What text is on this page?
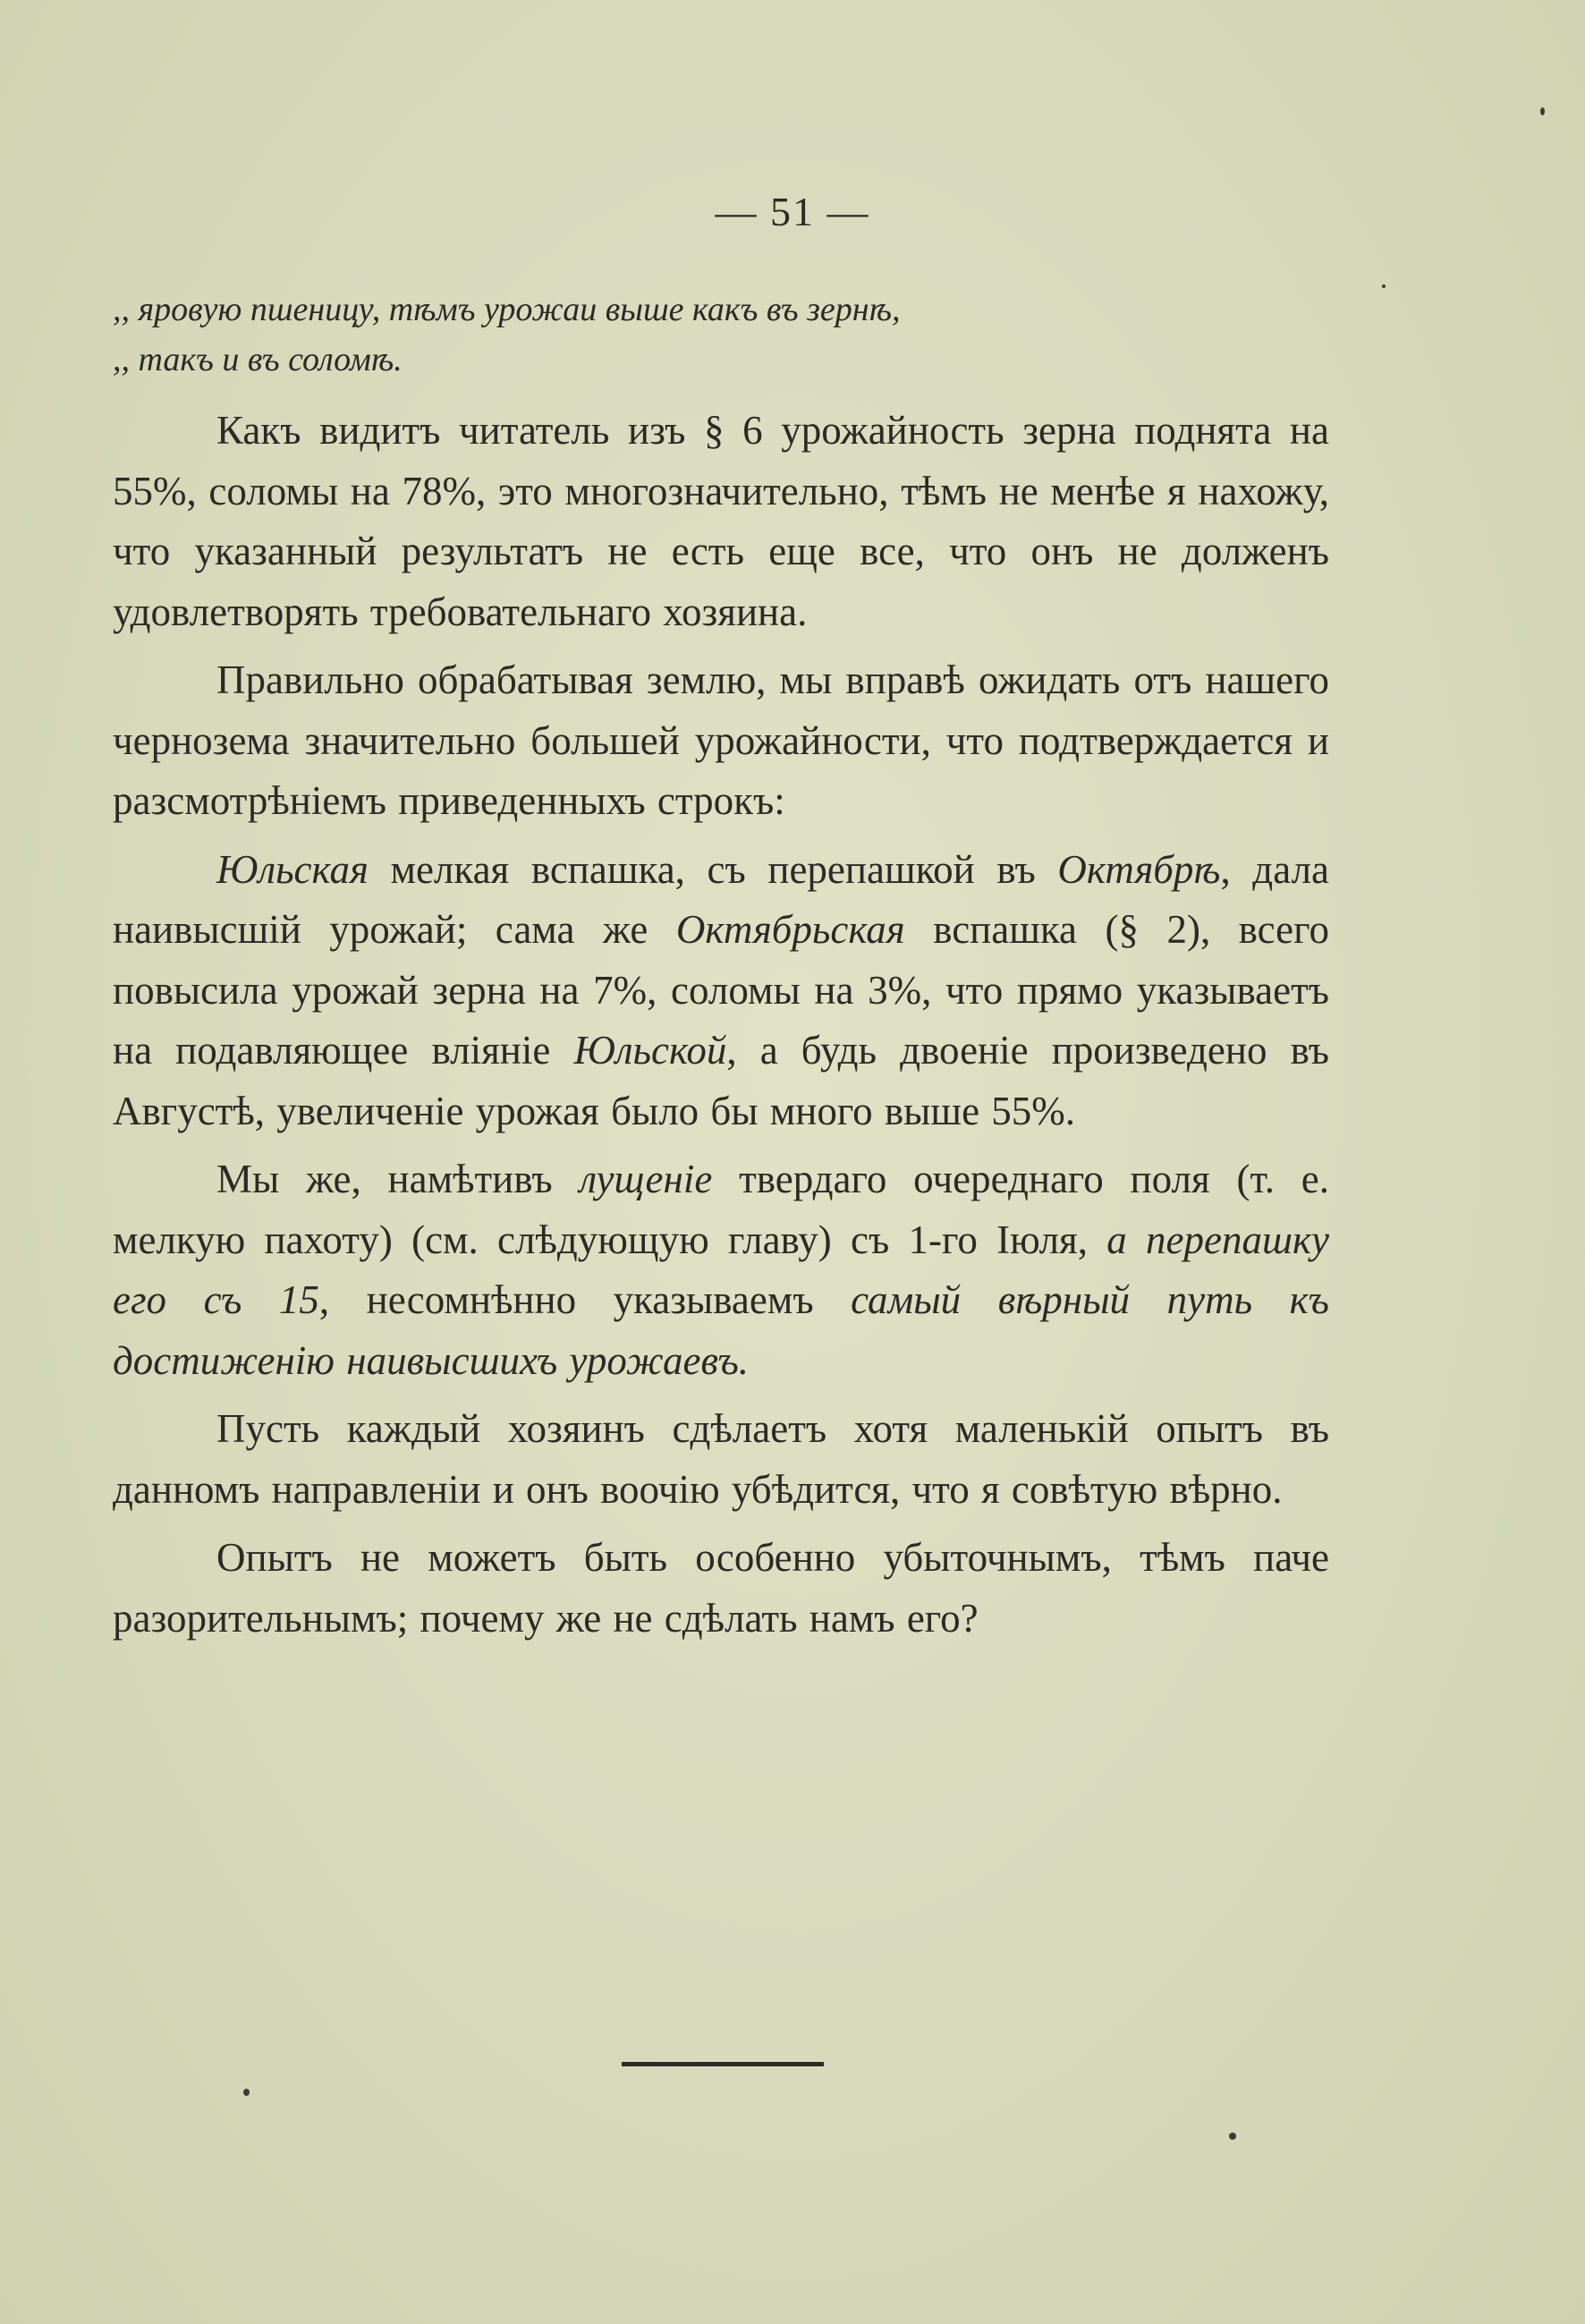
— 51 —
,, яровую пшеницу, тѣмъ урожаи выше какъ въ зернѣ,
,, такъ и въ соломѣ.

Какъ видитъ читатель изъ § 6 урожайность зерна поднята на 55%, соломы на 78%, это многозначительно, тѣмъ не менѣе я нахожу, что указанный результатъ не есть еще все, что онъ не долженъ удовлетворять требовательнаго хозяина.

Правильно обрабатывая землю, мы вправѣ ожидать отъ нашего чернозема значительно большей урожайности, что подтверждается и разсмотрѣніемъ приведенныхъ строкъ:

Юльская мелкая вспашка, съ перепашкой въ Октябрѣ, дала наивысшій урожай; сама же Октябрьская вспашка (§ 2), всего повысила урожай зерна на 7%, соломы на 3%, что прямо указываетъ на подавляющее вліяніе Юльской, а будь двоеніе произведено въ Августѣ, увеличеніе урожая было бы много выше 55%.

Мы же, намѣтивъ лущеніе твердаго очереднаго поля (т. е. мелкую пахоту) (см. слѣдующую главу) съ 1-го Іюля, а перепашку его съ 15, несомнѣнно указываемъ самый вѣрный путь къ достиженію наивысшихъ урожаевъ.

Пусть каждый хозяинъ сдѣлаетъ хотя маленькій опытъ въ данномъ направленіи и онъ воочію убѣдится, что я совѣтую вѣрно.

Опытъ не можетъ быть особенно убыточнымъ, тѣмъ паче разорительнымъ; почему же не сдѣлать намъ его?
